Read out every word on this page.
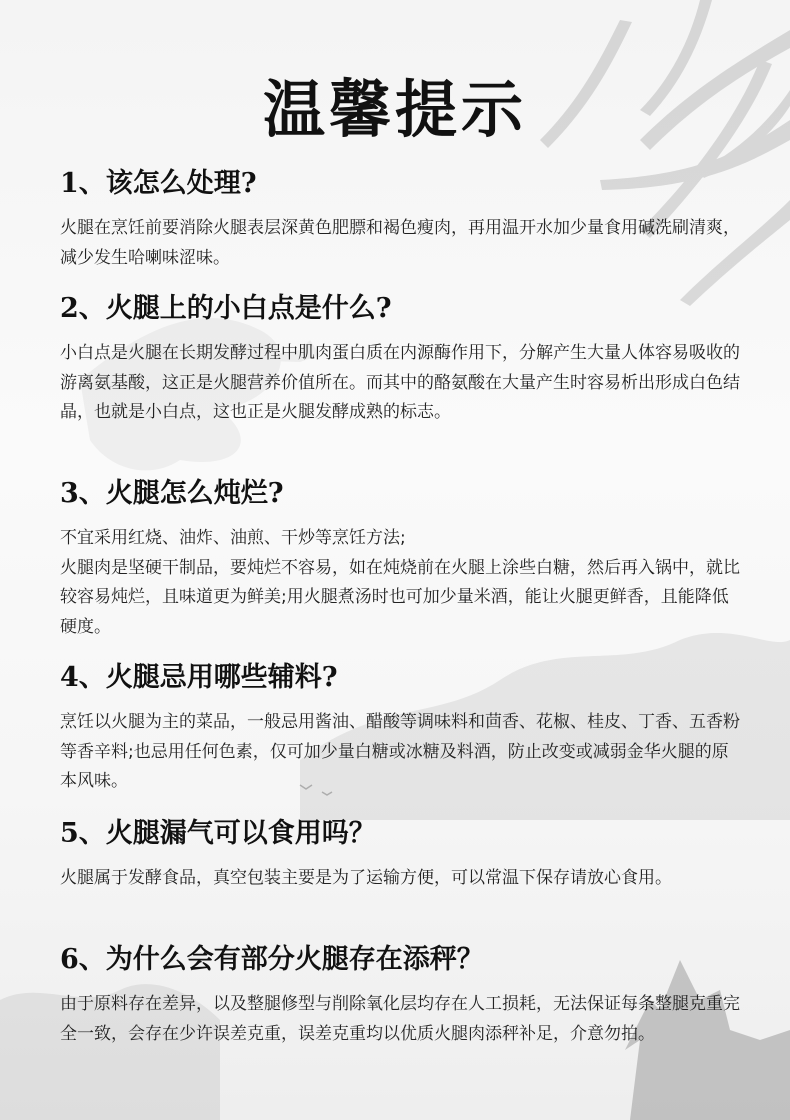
温馨提示
1、该怎么处理?

火腿在烹饪前要消除火腿表层深黄色肥膘和褐色瘦肉，再用温开水加少量食用碱洗刷清爽，减少发生哈喇味涩味。

2、火腿上的小白点是什么?

小白点是火腿在长期发酵过程中肌肉蛋白质在内源酶作用下，分解产生大量人体容易吸收的游离氨基酸，这正是火腿营养价值所在。而其中的酪氨酸在大量产生时容易析出形成白色结晶，也就是小白点，这也正是火腿发酵成熟的标志。

3、火腿怎么炖烂?

不宜采用红烧、油炸、油煎、干炒等烹饪方法;

火腿肉是坚硬干制品，要炖烂不容易，如在炖烧前在火腿上涂些白糖，然后再入锅中，就比较容易炖烂，且味道更为鲜美;用火腿煮汤时也可加少量米酒，能让火腿更鲜香，且能降低硬度。

4、火腿忌用哪些辅料?

烹饪以火腿为主的菜品，一般忌用酱油、醋酸等调味料和茴香、花椒、桂皮、丁香、五香粉等香辛料;也忌用任何色素，仅可加少量白糖或冰糖及料酒，防止改变或减弱金华火腿的原本风味。

5、火腿漏气可以食用吗？

火腿属于发酵食品，真空包装主要是为了运输方便，可以常温下保存请放心食用。

6、为什么会有部分火腿存在添秤？

由于原料存在差异，以及整腿修型与削除氧化层均存在人工损耗，无法保证每条整腿克重完全一致，会存在少许误差克重，误差克重均以优质火腿肉添秤补足，介意勿拍。
